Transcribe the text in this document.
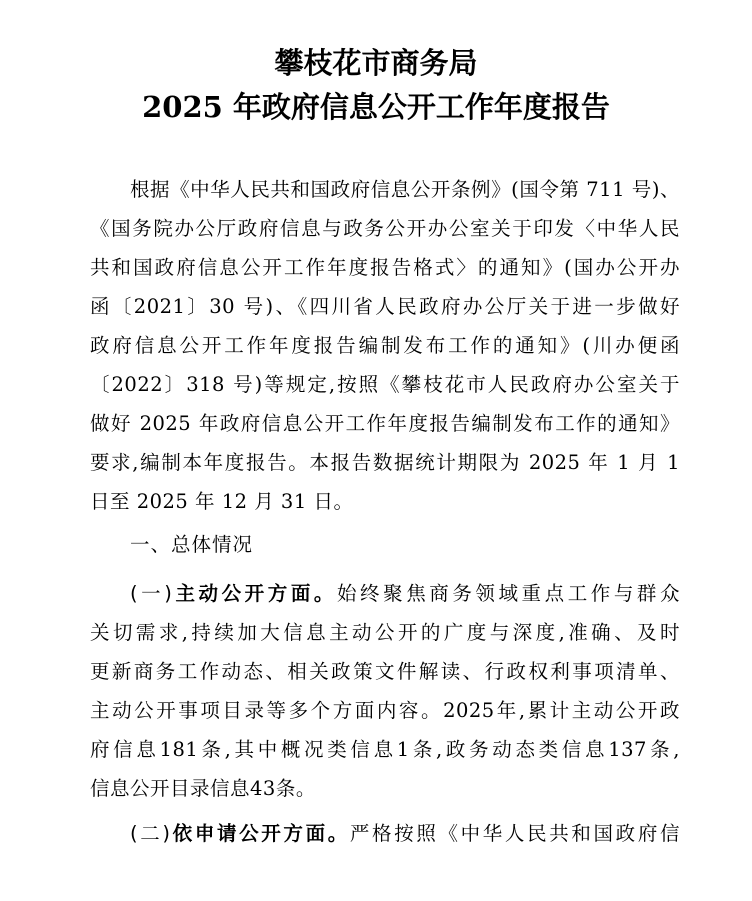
攀枝花市商务局
2025 年政府信息公开工作年度报告
根据《中华人民共和国政府信息公开条例》(国令第 711 号)、
《国务院办公厅政府信息与政务公开办公室关于印发〈中华人民
共和国政府信息公开工作年度报告格式〉的通知》(国办公开办
函〔2021〕30 号)、《四川省人民政府办公厅关于进一步做好
政府信息公开工作年度报告编制发布工作的通知》(川办便函
〔2022〕318 号)等规定,按照《攀枝花市人民政府办公室关于
做好 2025 年政府信息公开工作年度报告编制发布工作的通知》
要求,编制本年度报告。本报告数据统计期限为 2025 年 1 月 1
日至 2025 年 12 月 31 日。
一、总体情况
(一)主动公开方面。始终聚焦商务领域重点工作与群众
关切需求,持续加大信息主动公开的广度与深度,准确、及时
更新商务工作动态、相关政策文件解读、行政权利事项清单、
主动公开事项目录等多个方面内容。2025年,累计主动公开政
府信息181条,其中概况类信息1条,政务动态类信息137条,
信息公开目录信息43条。
(二)依申请公开方面。严格按照《中华人民共和国政府信
